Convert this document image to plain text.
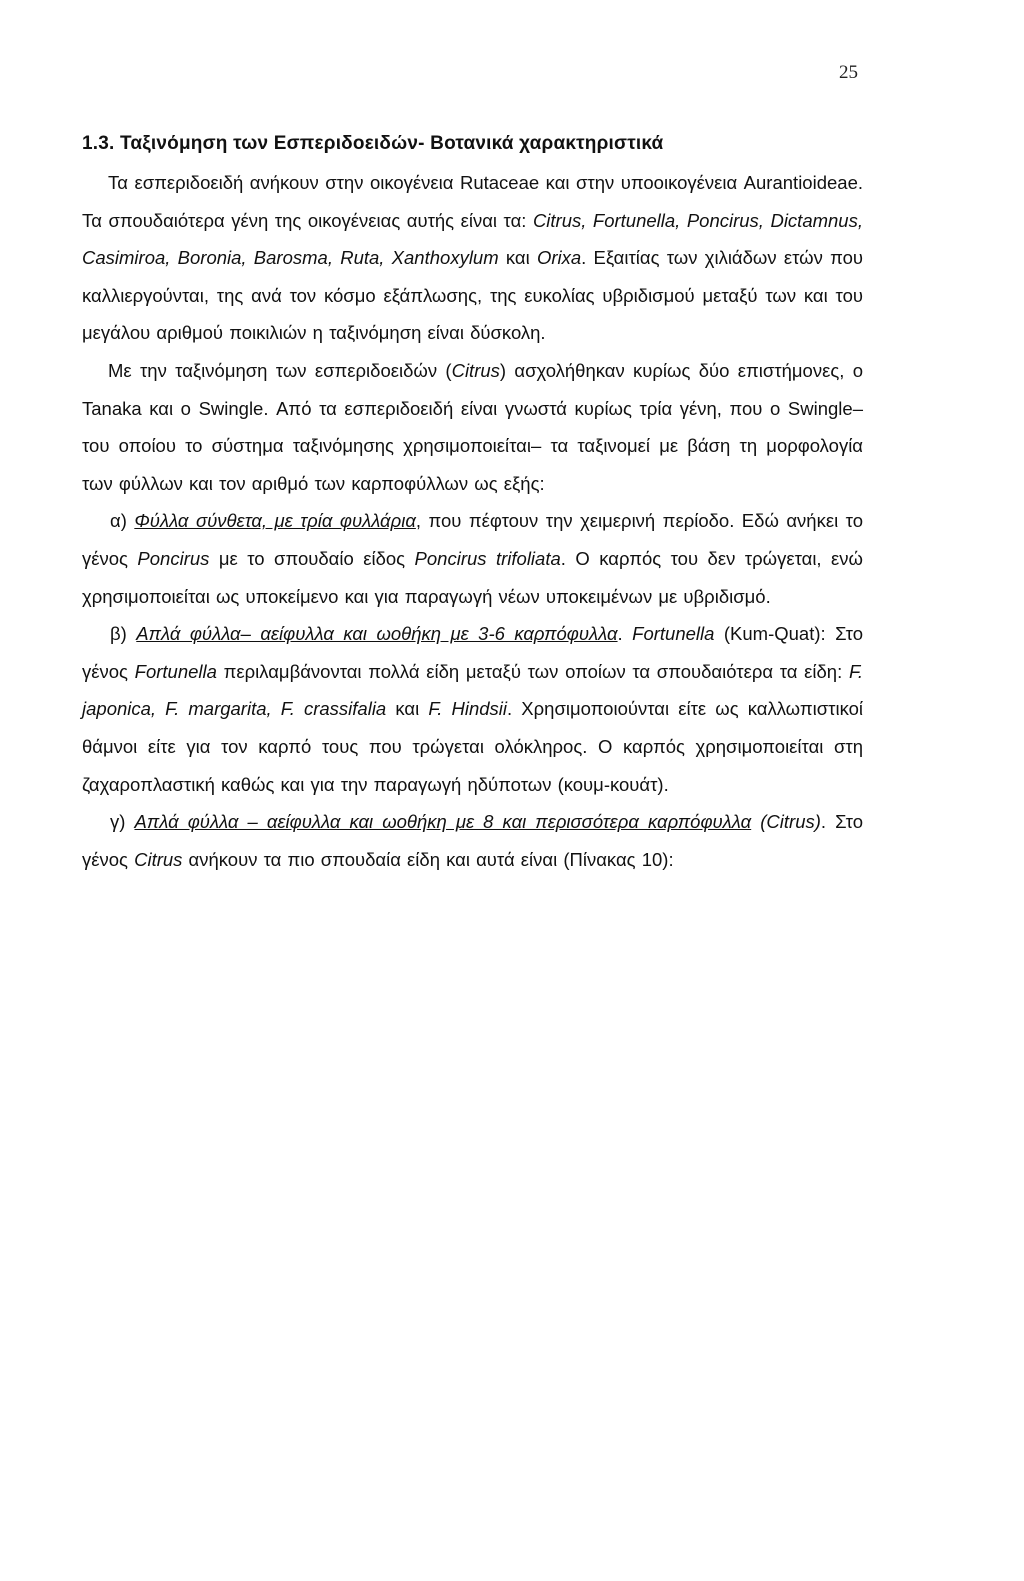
25
1.3. Ταξινόμηση των Εσπεριδοειδών- Βοτανικά χαρακτηριστικά

Τα εσπεριδοειδή ανήκουν στην οικογένεια Rutaceae και στην υποοικογένεια Aurantioideae. Τα σπουδαιότερα γένη της οικογένειας αυτής είναι τα: Citrus, Fortunella, Poncirus, Dictamnus, Casimiroa, Boronia, Barosma, Ruta, Xanthoxylum και Orixa. Εξαιτίας των χιλιάδων ετών που καλλιεργούνται, της ανά τον κόσμο εξάπλωσης, της ευκολίας υβριδισμού μεταξύ των και του μεγάλου αριθμού ποικιλιών η ταξινόμηση είναι δύσκολη.

Με την ταξινόμηση των εσπεριδοειδών (Citrus) ασχολήθηκαν κυρίως δύο επιστήμονες, ο Tanaka και ο Swingle. Από τα εσπεριδοειδή είναι γνωστά κυρίως τρία γένη, που ο Swingle– του οποίου το σύστημα ταξινόμησης χρησιμοποιείται– τα ταξινομεί με βάση τη μορφολογία των φύλλων και τον αριθμό των καρποφύλλων ως εξής:

α) Φύλλα σύνθετα, με τρία φυλλάρια, που πέφτουν την χειμερινή περίοδο. Εδώ ανήκει το γένος Poncirus με το σπουδαίο είδος Poncirus trifoliata. Ο καρπός του δεν τρώγεται, ενώ χρησιμοποιείται ως υποκείμενο και για παραγωγή νέων υποκειμένων με υβριδισμό.

β) Απλά φύλλα– αείφυλλα και ωοθήκη με 3-6 καρπόφυλλα. Fortunella (Kum-Quat): Στο γένος Fortunella περιλαμβάνονται πολλά είδη μεταξύ των οποίων τα σπουδαιότερα τα είδη: F. japonica, F. margarita, F. crassifalia και F. Hindsii. Χρησιμοποιούνται είτε ως καλλωπιστικοί θάμνοι είτε για τον καρπό τους που τρώγεται ολόκληρος. Ο καρπός χρησιμοποιείται στη ζαχαροπλαστική καθώς και για την παραγωγή ηδύποτων (κουμ-κουάτ).

γ) Απλά φύλλα – αείφυλλα και ωοθήκη με 8 και περισσότερα καρπόφυλλα (Citrus). Στο γένος Citrus ανήκουν τα πιο σπουδαία είδη και αυτά είναι (Πίνακας 10):
